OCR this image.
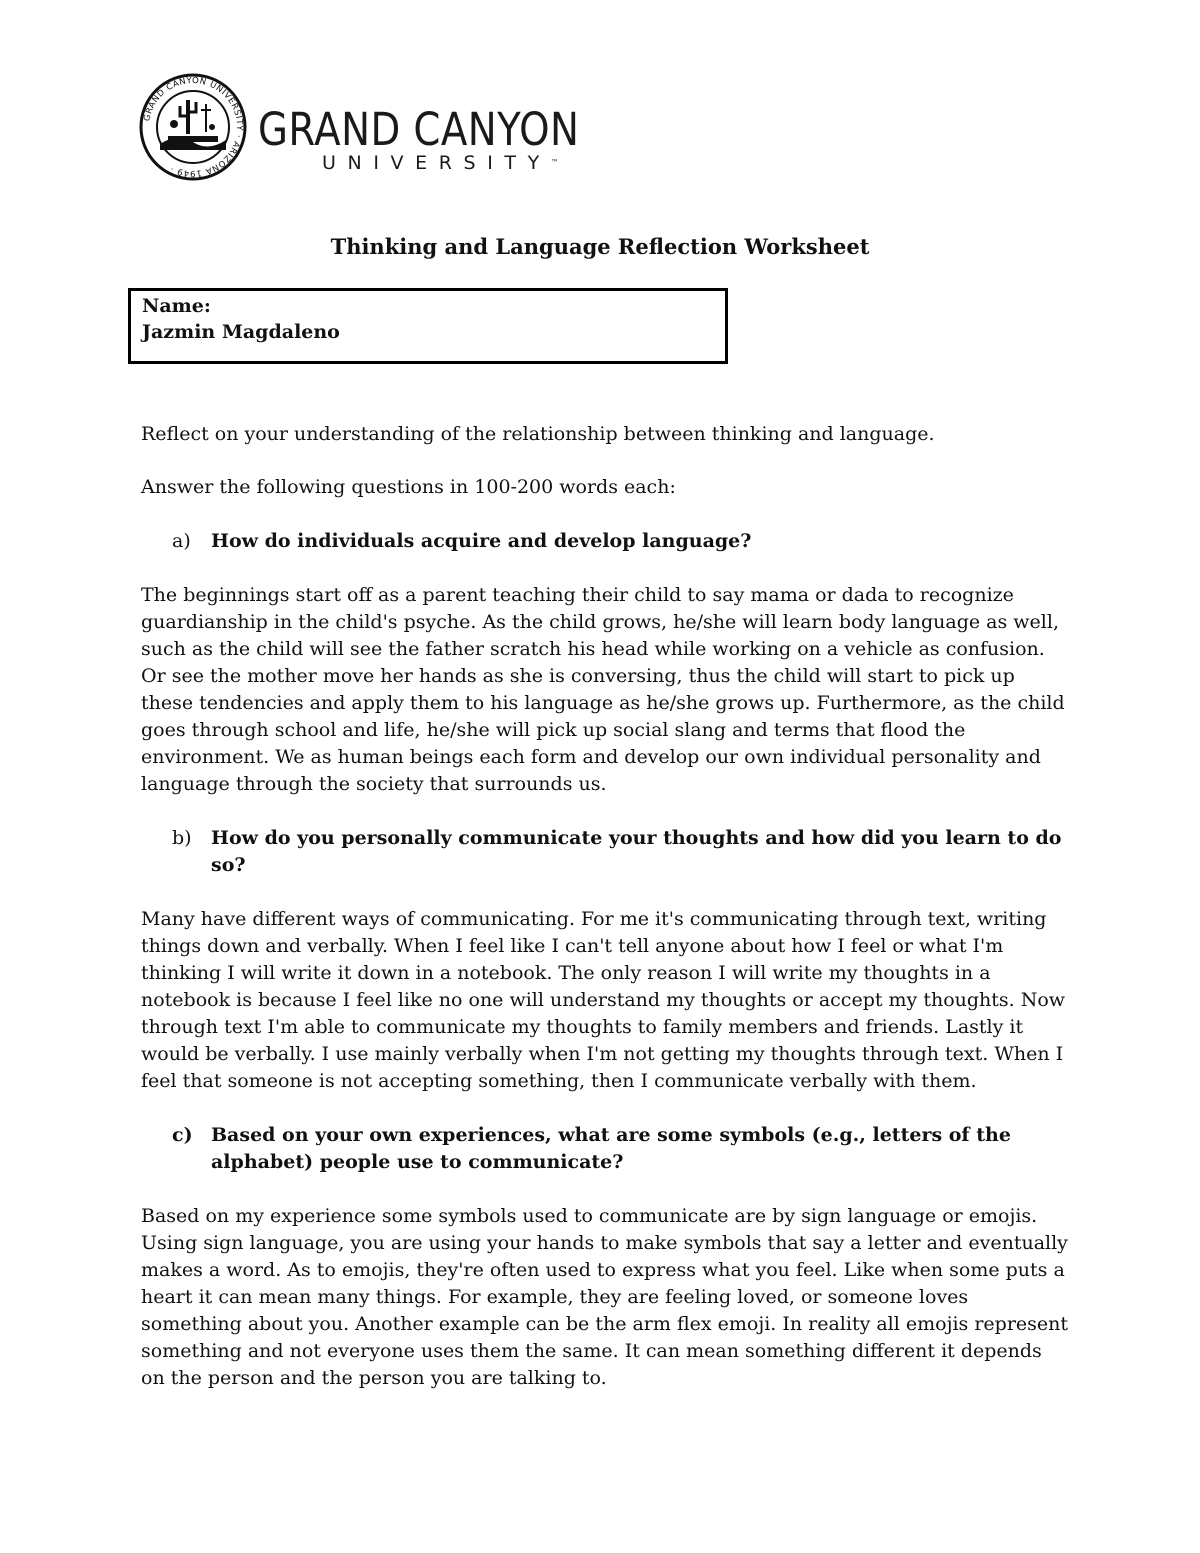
GRAND CANYON UNIVERSITY · ARIZONA 1949 ·
GRAND CANYON
UNIVERSITY™
Thinking and Language Reflection Worksheet
Name:
Jazmin Magdaleno

Reflect on your understanding of the relationship between thinking and language.

Answer the following questions in 100-200 words each:

a) How do individuals acquire and develop language?

The beginnings start off as a parent teaching their child to say mama or dada to recognize guardianship in the child's psyche. As the child grows, he/she will learn body language as well, such as the child will see the father scratch his head while working on a vehicle as confusion. Or see the mother move her hands as she is conversing, thus the child will start to pick up these tendencies and apply them to his language as he/she grows up. Furthermore, as the child goes through school and life, he/she will pick up social slang and terms that flood the environment. We as human beings each form and develop our own individual personality and language through the society that surrounds us.

b) How do you personally communicate your thoughts and how did you learn to do so?

Many have different ways of communicating. For me it's communicating through text, writing things down and verbally. When I feel like I can't tell anyone about how I feel or what I'm thinking I will write it down in a notebook. The only reason I will write my thoughts in a notebook is because I feel like no one will understand my thoughts or accept my thoughts. Now through text I'm able to communicate my thoughts to family members and friends. Lastly it would be verbally. I use mainly verbally when I'm not getting my thoughts through text. When I feel that someone is not accepting something, then I communicate verbally with them.

c) Based on your own experiences, what are some symbols (e.g., letters of the alphabet) people use to communicate?

Based on my experience some symbols used to communicate are by sign language or emojis. Using sign language, you are using your hands to make symbols that say a letter and eventually makes a word. As to emojis, they're often used to express what you feel. Like when some puts a heart it can mean many things. For example, they are feeling loved, or someone loves something about you. Another example can be the arm flex emoji. In reality all emojis represent something and not everyone uses them the same. It can mean something different it depends on the person and the person you are talking to.
